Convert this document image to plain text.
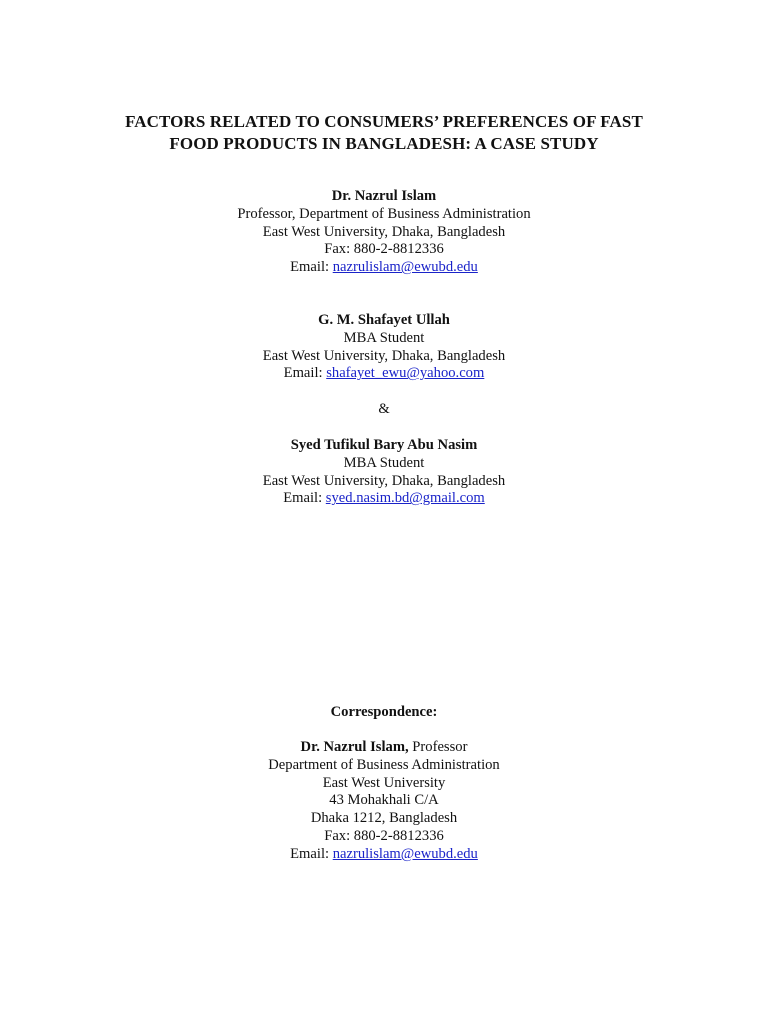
FACTORS RELATED TO CONSUMERS’ PREFERENCES OF FAST
FOOD PRODUCTS IN BANGLADESH: A CASE STUDY
Dr. Nazrul Islam
Professor, Department of Business Administration
East West University, Dhaka, Bangladesh
Fax: 880-2-8812336
Email: nazrulislam@ewubd.edu
G. M. Shafayet Ullah
MBA Student
East West University, Dhaka, Bangladesh
Email: shafayet_ewu@yahoo.com
&
Syed Tufikul Bary Abu Nasim
MBA Student
East West University, Dhaka, Bangladesh
Email: syed.nasim.bd@gmail.com
Correspondence:
Dr. Nazrul Islam, Professor
Department of Business Administration
East West University
43 Mohakhali C/A
Dhaka 1212, Bangladesh
Fax: 880-2-8812336
Email: nazrulislam@ewubd.edu
